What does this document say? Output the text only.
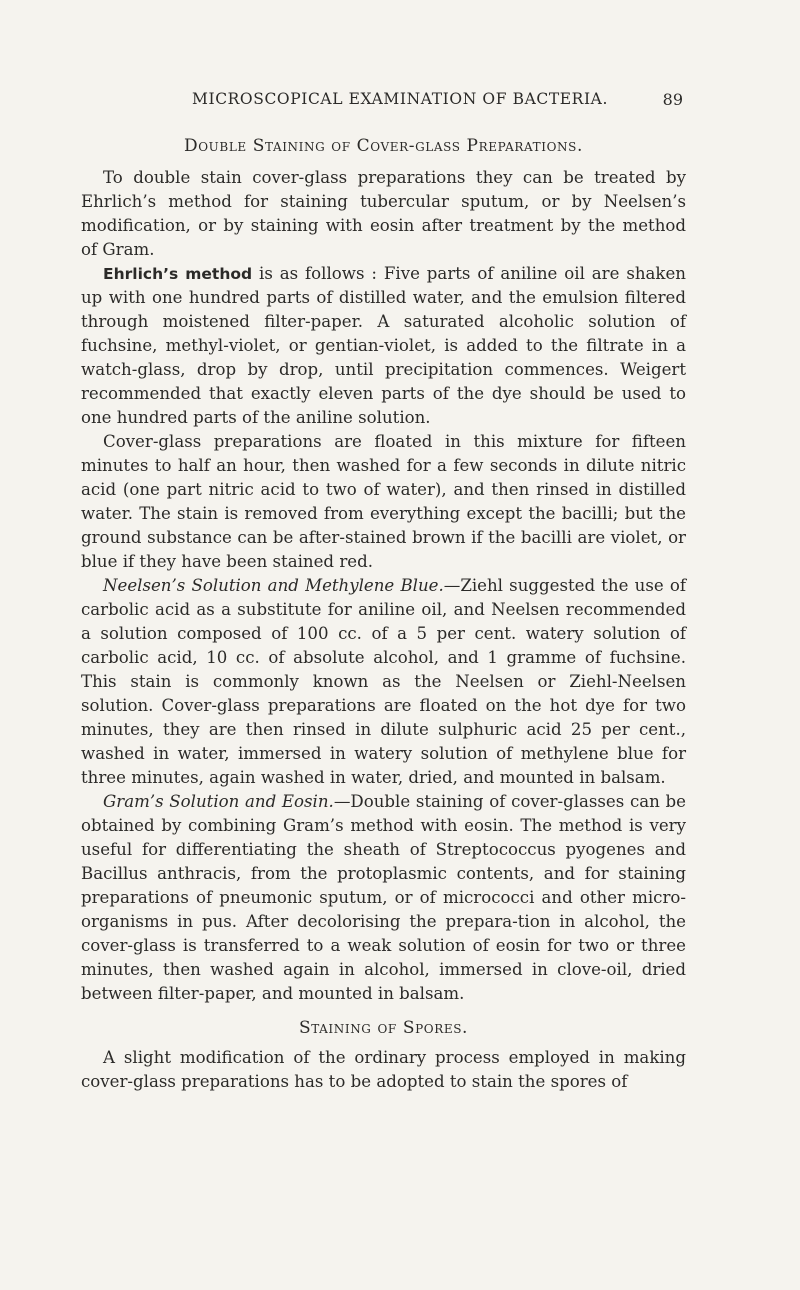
MICROSCOPICAL EXAMINATION OF BACTERIA.	89
Double Staining of Cover-glass Preparations.

To double stain cover-glass preparations they can be treated by Ehrlich’s method for staining tubercular sputum, or by Neelsen’s modification, or by staining with eosin after treatment by the method of Gram.

Ehrlich’s method is as follows : Five parts of aniline oil are shaken up with one hundred parts of distilled water, and the emulsion filtered through moistened filter-paper. A saturated alcoholic solution of fuchsine, methyl-violet, or gentian-violet, is added to the filtrate in a watch-glass, drop by drop, until precipitation commences. Weigert recommended that exactly eleven parts of the dye should be used to one hundred parts of the aniline solution.

Cover-glass preparations are floated in this mixture for fifteen minutes to half an hour, then washed for a few seconds in dilute nitric acid (one part nitric acid to two of water), and then rinsed in distilled water. The stain is removed from everything except the bacilli; but the ground substance can be after-stained brown if the bacilli are violet, or blue if they have been stained red.

Neelsen’s Solution and Methylene Blue.—Ziehl suggested the use of carbolic acid as a substitute for aniline oil, and Neelsen recommended a solution composed of 100 cc. of a 5 per cent. watery solution of carbolic acid, 10 cc. of absolute alcohol, and 1 gramme of fuchsine. This stain is commonly known as the Neelsen or Ziehl-Neelsen solution. Cover-glass preparations are floated on the hot dye for two minutes, they are then rinsed in dilute sulphuric acid 25 per cent., washed in water, immersed in watery solution of methylene blue for three minutes, again washed in water, dried, and mounted in balsam.

Gram’s Solution and Eosin.—Double staining of cover-glasses can be obtained by combining Gram’s method with eosin. The method is very useful for differentiating the sheath of Streptococcus pyogenes and Bacillus anthracis, from the protoplasmic contents, and for staining preparations of pneumonic sputum, or of micrococci and other micro-organisms in pus. After decolorising the prepara-tion in alcohol, the cover-glass is transferred to a weak solution of eosin for two or three minutes, then washed again in alcohol, immersed in clove-oil, dried between filter-paper, and mounted in balsam.

Staining of Spores.

A slight modification of the ordinary process employed in making cover-glass preparations has to be adopted to stain the spores of
